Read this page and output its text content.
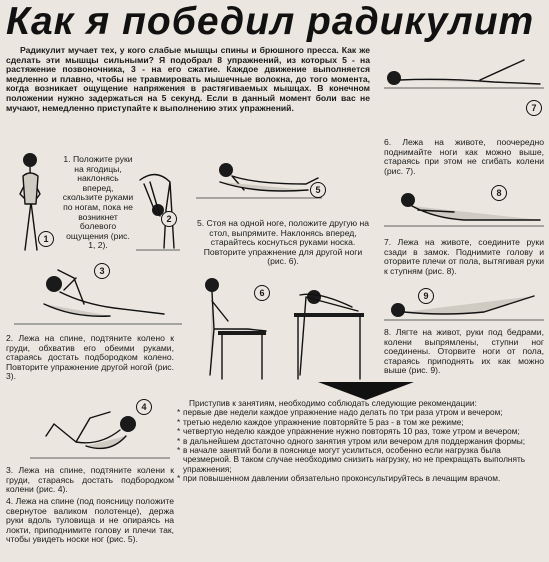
Как я победил радикулит
Радикулит мучает тех, у кого слабые мышцы спины и брюшного пресса. Как же сделать эти мышцы сильными? Я подобрал 8 упражнений, из которых 5 - на растяжение позвоночника, 3 - на его сжатие. Каждое движение выполняется медленно и плавно, чтобы не травмировать мышечные волокна, до того момента, когда возникает ощущение напряжения в растягиваемых мышцах. В конечном положении нужно задержаться на 5 секунд. Если в данный момент боли вас не мучают, немедленно приступайте к выполнению этих упражнений.
1. Положите руки на ягодицы, наклонясь вперед, скользите руками по ногам, пока не возникнет болевого ощущения (рис. 1, 2).
1
2
3
2. Лежа на спине, подтяните колено к груди, обхватив его обеими руками, стараясь достать подбородком колено. Повторите упражнение другой ногой (рис. 3).
4
3. Лежа на спине, подтяните колени к груди, стараясь достать подбородком колени (рис. 4).
4. Лежа на спине (под поясницу положите свернутое валиком полотенце), держа руки вдоль туловища и не опираясь на локти, приподнимите голову и плечи так, чтобы увидеть носки ног (рис. 5).
5
5. Стоя на одной ноге, положите другую на стол, выпрямите. Наклонясь вперед, старайтесь коснуться руками носка. Повторите упражнение для другой ноги (рис. 6).
6
7
6. Лежа на животе, поочередно поднимайте ноги как можно выше, стараясь при этом не сгибать колени (рис. 7).
8
7. Лежа на животе, соедините руки сзади в замок. Поднимите голову и оторвите плечи от пола, вытягивая руки к ступням (рис. 8).
9
8. Лягте на живот, руки под бедрами, колени выпрямлены, ступни ног соединены. Оторвите ноги от пола, стараясь приподнять их как можно выше (рис. 9).
Приступив к занятиям, необходимо соблюдать следующие рекомендации:
* первые две недели каждое упражнение надо делать по три раза утром и вечером;
* третью неделю каждое упражнение повторяйте 5 раз - в том же режиме;
* четвертую неделю каждое упражнение нужно повторять 10 раз, тоже утром и вечером;
* в дальнейшем достаточно одного занятия утром или вечером для поддержания формы;
* в начале занятий боли в пояснице могут усилиться, особенно если нагрузка была чрезмерной. В таком случае необходимо снизить нагрузку, но не прекращать выполнять упражнения;
* при повышенном давлении обязательно проконсультируйтесь в лечащим врачом.
